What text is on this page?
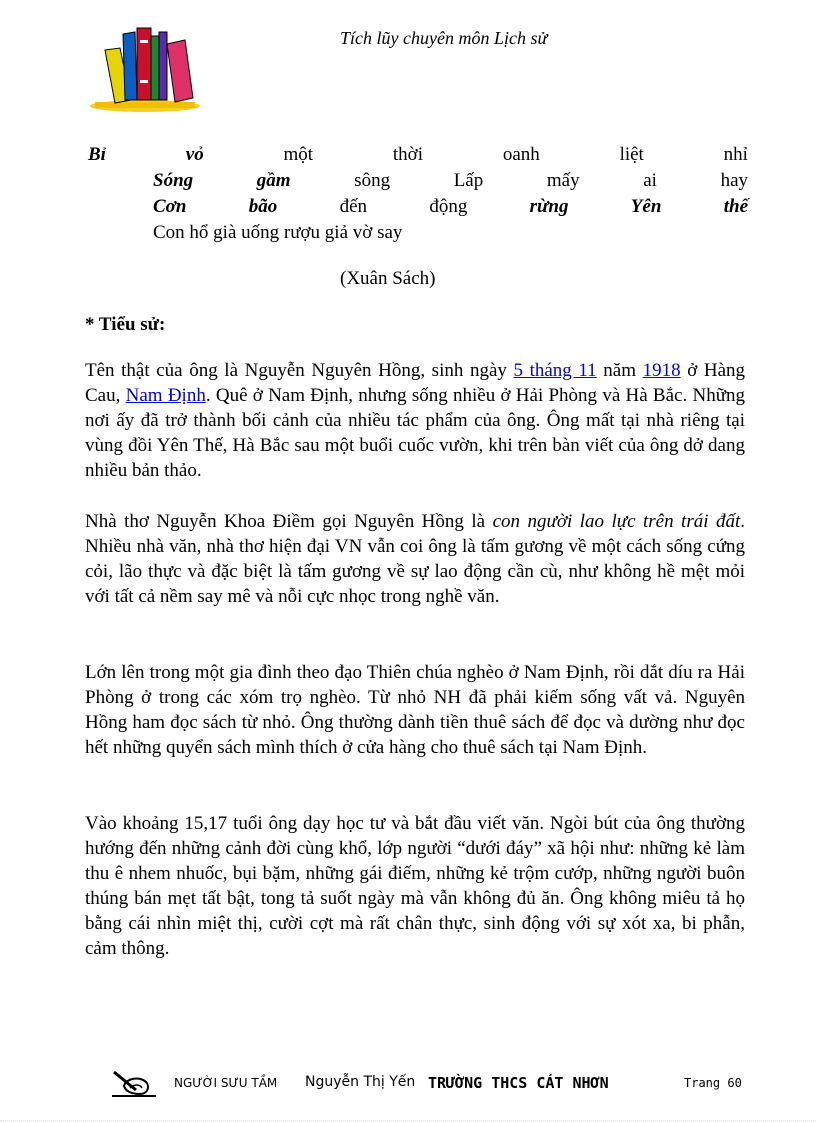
Tích lũy chuyên môn Lịch sử
Bỉ	vỏ	một	thời	oanh	liệt	nhỉ
Sóng	gầm	sông	Lấp	mấy	ai	hay
Cơn	bão	đến	động	rừng	Yên	thế
Con hổ già uống rượu giả vờ say
(Xuân Sách)
* Tiểu sử:
Tên thật của ông là Nguyễn Nguyên Hồng, sinh ngày 5 tháng 11 năm 1918 ở Hàng Cau, Nam Định. Quê ở Nam Định, nhưng sống nhiều ở Hải Phòng và Hà Bắc. Những nơi ấy đã trở thành bối cảnh của nhiều tác phẩm của ông. Ông mất tại nhà riêng tại vùng đồi Yên Thế, Hà Bắc sau một buổi cuốc vườn, khi trên bàn viết của ông dở dang nhiều bản thảo.
Nhà thơ Nguyễn Khoa Điềm gọi Nguyên Hồng là con người lao lực trên trái đất. Nhiều nhà văn, nhà thơ hiện đại VN vẫn coi ông là tấm gương về một cách sống cứng cỏi, lão thực và đặc biệt là tấm gương về sự lao động cần cù, như không hề mệt mỏi với tất cả nềm say mê và nỗi cực nhọc trong nghề văn.
Lớn lên trong một gia đình theo đạo Thiên chúa nghèo ở Nam Định, rồi dắt díu ra Hải Phòng ở trong các xóm trọ nghèo. Từ nhỏ NH đã phải kiếm sống vất vả. Nguyên Hồng ham đọc sách từ nhỏ. Ông thường dành tiền thuê sách để đọc và dường như đọc hết những quyển sách mình thích ở cửa hàng cho thuê sách tại Nam Định.
Vào khoảng 15,17 tuổi ông dạy học tư và bắt đầu viết văn. Ngòi bút của ông thường hướng đến những cảnh đời cùng khổ, lớp người “dưới đáy” xã hội như: những kẻ làm thu ê nhem nhuốc, bụi bặm, những gái điếm, những kẻ trộm cướp, những người buôn thúng bán mẹt tất bật, tong tả suốt ngày mà vẫn không đủ ăn. Ông không miêu tả họ bằng cái nhìn miệt thị, cười cợt mà rất chân thực, sinh động với sự xót xa, bi phẫn, cảm thông.
NGƯỜI SƯU TẦM Nguyễn Thị Yến TRƯỜNG THCS CÁT NHƠN	Trang 60
